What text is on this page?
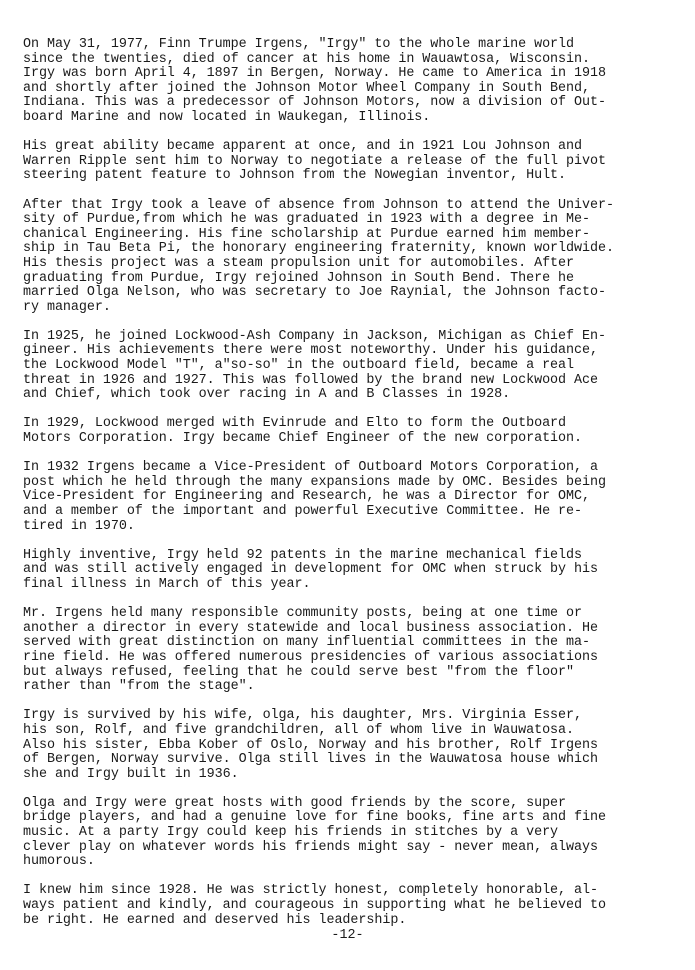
On May 31, 1977, Finn Trumpe Irgens, "Irgy" to the whole marine world
since the twenties, died of cancer at his home in Wauawtosa, Wisconsin.
Irgy was born April 4, 1897 in Bergen, Norway. He came to America in 1918
and shortly after joined the Johnson Motor Wheel Company in South Bend,
Indiana. This was a predecessor of Johnson Motors, now a division of Out-
board Marine and now located in Waukegan, Illinois.
His great ability became apparent at once, and in 1921 Lou Johnson and
Warren Ripple sent him to Norway to negotiate a release of the full pivot
steering patent feature to Johnson from the Nowegian inventor, Hult.
After that Irgy took a leave of absence from Johnson to attend the Univer-
sity of Purdue,from which he was graduated in 1923 with a degree in Me-
chanical Engineering. His fine scholarship at Purdue earned him member-
ship in Tau Beta Pi, the honorary engineering fraternity, known worldwide.
His thesis project was a steam propulsion unit for automobiles. After
graduating from Purdue, Irgy rejoined Johnson in South Bend. There he
married Olga Nelson, who was secretary to Joe Raynial, the Johnson facto-
ry manager.
In 1925, he joined Lockwood-Ash Company in Jackson, Michigan as Chief En-
gineer. His achievements there were most noteworthy. Under his guidance,
the Lockwood Model "T", a"so-so" in the outboard field, became a real
threat in 1926 and 1927. This was followed by the brand new Lockwood Ace
and Chief, which took over racing in A and B Classes in 1928.
In 1929, Lockwood merged with Evinrude and Elto to form the Outboard
Motors Corporation. Irgy became Chief Engineer of the new corporation.
In 1932 Irgens became a Vice-President of Outboard Motors Corporation, a
post which he held through the many expansions made by OMC. Besides being
Vice-President for Engineering and Research, he was a Director for OMC,
and a member of the important and powerful Executive Committee. He re-
tired in 1970.
Highly inventive, Irgy held 92 patents in the marine mechanical fields
and was still actively engaged in development for OMC when struck by his
final illness in March of this year.
Mr. Irgens held many responsible community posts, being at one time or
another a director in every statewide and local business association. He
served with great distinction on many influential committees in the ma-
rine field. He was offered numerous presidencies of various associations
but always refused, feeling that he could serve best "from the floor"
rather than "from the stage".
Irgy is survived by his wife, olga, his daughter, Mrs. Virginia Esser,
his son, Rolf, and five grandchildren, all of whom live in Wauwatosa.
Also his sister, Ebba Kober of Oslo, Norway and his brother, Rolf Irgens
of Bergen, Norway survive. Olga still lives in the Wauwatosa house which
she and Irgy built in 1936.
Olga and Irgy were great hosts with good friends by the score, super
bridge players, and had a genuine love for fine books, fine arts and fine
music. At a party Irgy could keep his friends in stitches by a very
clever play on whatever words his friends might say - never mean, always
humorous.
I knew him since 1928. He was strictly honest, completely honorable, al-
ways patient and kindly, and courageous in supporting what he believed to
be right. He earned and deserved his leadership.
-12-
